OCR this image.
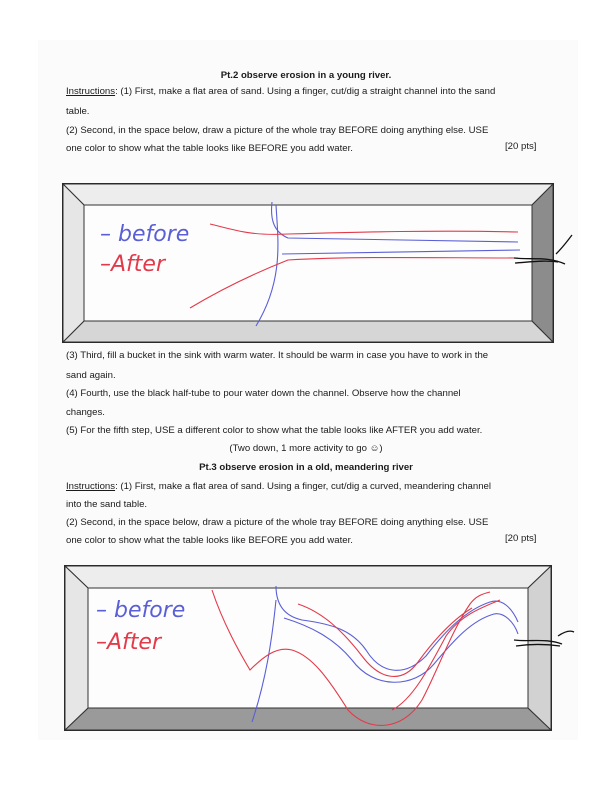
Pt.2 observe erosion in a young river.
Instructions: (1) First, make a flat area of sand. Using a finger, cut/dig a straight channel into the sand
table.
(2) Second, in the space below, draw a picture of the whole tray BEFORE doing anything else. USE
one color to show what the table looks like BEFORE you add water.	[20 pts]
– before
–After
(3) Third, fill a bucket in the sink with warm water. It should be warm in case you have to work in the
sand again.
(4) Fourth, use the black half-tube to pour water down the channel. Observe how the channel
changes.
(5) For the fifth step, USE a different color to show what the table looks like AFTER you add water.
(Two down, 1 more activity to go ☺)
Pt.3 observe erosion in a old, meandering river
Instructions: (1) First, make a flat area of sand. Using a finger, cut/dig a curved, meandering channel
into the sand table.
(2) Second, in the space below, draw a picture of the whole tray BEFORE doing anything else. USE
one color to show what the table looks like BEFORE you add water.	[20 pts]
– before
–After
